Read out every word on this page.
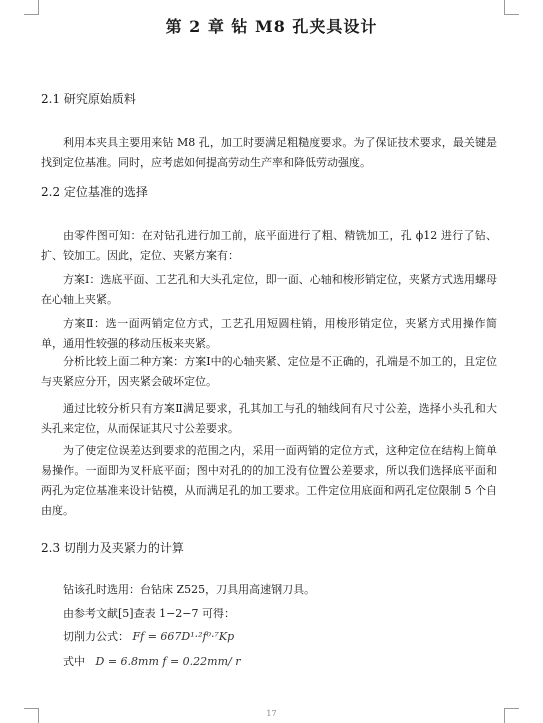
第 2 章 钻 M8 孔夹具设计
2.1 研究原始质料

利用本夹具主要用来钻 M8 孔，加工时要满足粗糙度要求。为了保证技术要求，最关键是找到定位基准。同时，应考虑如何提高劳动生产率和降低劳动强度。

2.2 定位基准的选择

由零件图可知：在对钻孔进行加工前，底平面进行了粗、精铣加工，孔 ϕ12 进行了钻、扩、铰加工。因此，定位、夹紧方案有：

方案Ⅰ：选底平面、工艺孔和大头孔定位，即一面、心轴和梭形销定位，夹紧方式选用螺母在心轴上夹紧。

方案Ⅱ：选一面两销定位方式，工艺孔用短圆柱销，用梭形销定位，夹紧方式用操作简单，通用性较强的移动压板来夹紧。

分析比较上面二种方案：方案Ⅰ中的心轴夹紧、定位是不正确的，孔端是不加工的，且定位与夹紧应分开，因夹紧会破坏定位。

通过比较分析只有方案Ⅱ满足要求，孔其加工与孔的轴线间有尺寸公差，选择小头孔和大头孔来定位，从而保证其尺寸公差要求。

为了使定位误差达到要求的范围之内，采用一面两销的定位方式，这种定位在结构上简单易操作。一面即为叉杆底平面；图中对孔的的加工没有位置公差要求，所以我们选择底平面和两孔为定位基准来设计钻模，从而满足孔的加工要求。工件定位用底面和两孔定位限制 5 个自由度。

2.3 切削力及夹紧力的计算
钻该孔时选用：台钻床 Z525，刀具用高速钢刀具。
由参考文献[5]查表 1−2−7 可得：
切削力公式： Ff = 667D¹·²f⁰·⁷Kp
式中 D = 6.8mm f = 0.22mm/ r
17
